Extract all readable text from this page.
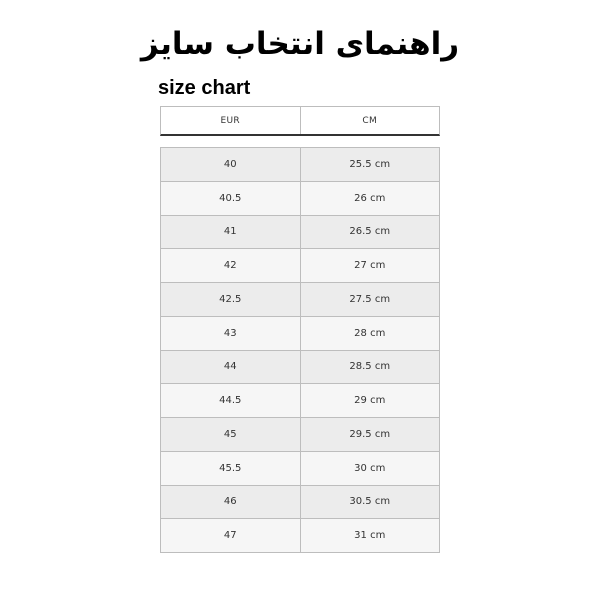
راهنمای انتخاب سایز
size chart
EUR	CM
40	25.5 cm
40.5	26 cm
41	26.5 cm
42	27 cm
42.5	27.5 cm
43	28 cm
44	28.5 cm
44.5	29 cm
45	29.5 cm
45.5	30 cm
46	30.5 cm
47	31 cm
